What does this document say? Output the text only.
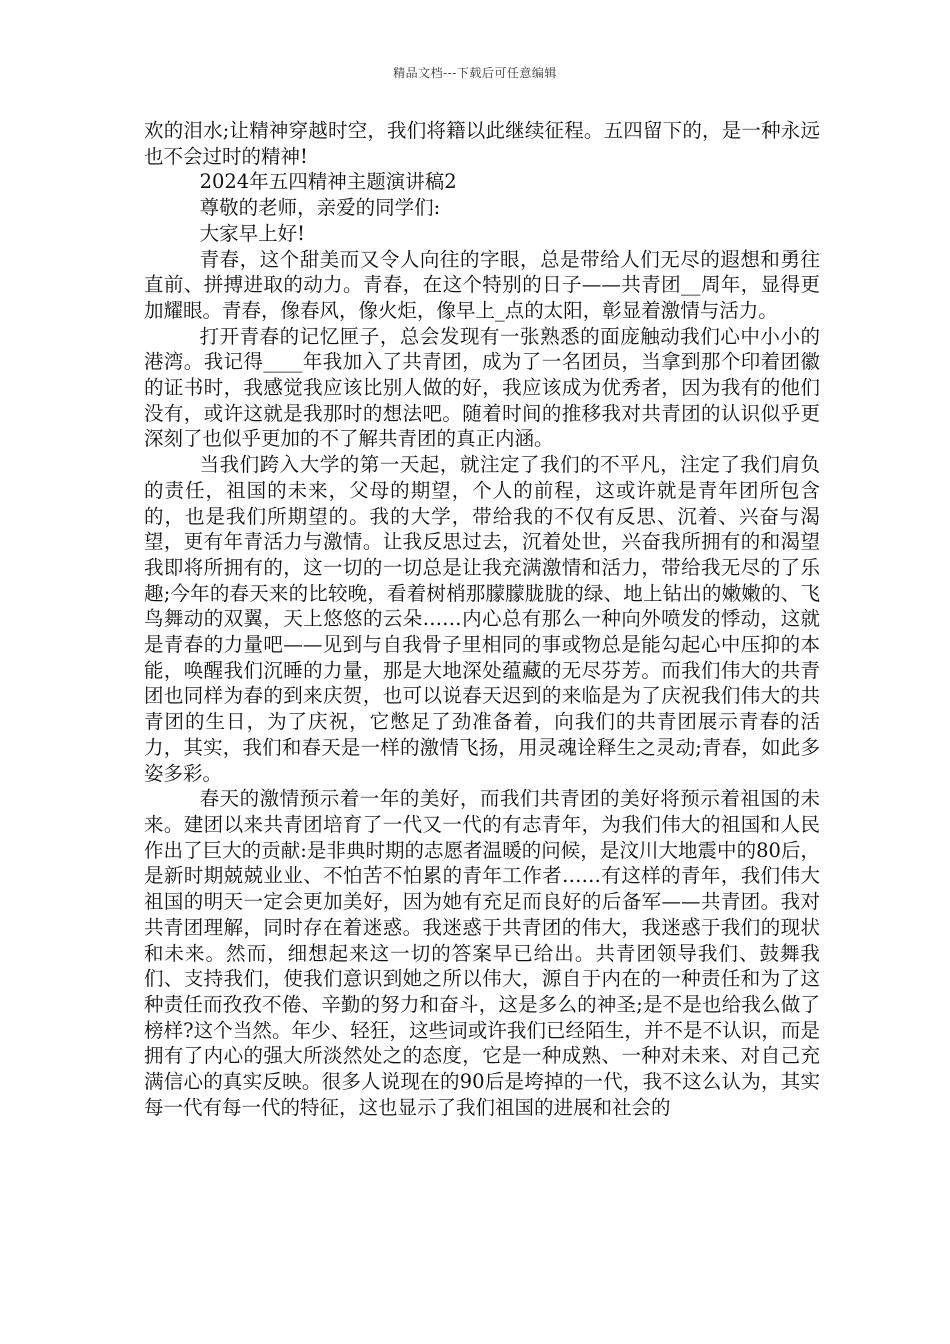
精品文档---下载后可任意编辑

欢的泪水;让精神穿越时空，我们将籍以此继续征程。五四留下的，是一种永远也不会过时的精神!

2024年五四精神主题演讲稿2

尊敬的老师，亲爱的同学们:

大家早上好!

青春，这个甜美而又令人向往的字眼，总是带给人们无尽的遐想和勇往直前、拼搏进取的动力。青春，在这个特别的日子——共青团__周年，显得更加耀眼。青春，像春风，像火炬，像早上_点的太阳，彰显着激情与活力。

打开青春的记忆匣子，总会发现有一张熟悉的面庞触动我们心中小小的港湾。我记得____年我加入了共青团，成为了一名团员，当拿到那个印着团徽的证书时，我感觉我应该比别人做的好，我应该成为优秀者，因为我有的他们没有，或许这就是我那时的想法吧。随着时间的推移我对共青团的认识似乎更深刻了也似乎更加的不了解共青团的真正内涵。

当我们跨入大学的第一天起，就注定了我们的不平凡，注定了我们肩负的责任，祖国的未来，父母的期望，个人的前程，这或许就是青年团所包含的，也是我们所期望的。我的大学，带给我的不仅有反思、沉着、兴奋与渴望，更有年青活力与激情。让我反思过去，沉着处世，兴奋我所拥有的和渴望我即将所拥有的，这一切的一切总是让我充满激情和活力，带给我无尽的了乐趣;今年的春天来的比较晚，看着树梢那朦朦胧胧的绿、地上钻出的嫩嫩的、飞鸟舞动的双翼，天上悠悠的云朵……内心总有那么一种向外喷发的悸动，这就是青春的力量吧——见到与自我骨子里相同的事或物总是能勾起心中压抑的本能，唤醒我们沉睡的力量，那是大地深处蕴藏的无尽芬芳。而我们伟大的共青团也同样为春的到来庆贺，也可以说春天迟到的来临是为了庆祝我们伟大的共青团的生日，为了庆祝，它憋足了劲准备着，向我们的共青团展示青春的活力，其实，我们和春天是一样的激情飞扬，用灵魂诠释生之灵动;青春，如此多姿多彩。

春天的激情预示着一年的美好，而我们共青团的美好将预示着祖国的未来。建团以来共青团培育了一代又一代的有志青年，为我们伟大的祖国和人民作出了巨大的贡献:是非典时期的志愿者温暖的问候，是汶川大地震中的80后，是新时期兢兢业业、不怕苦不怕累的青年工作者……有这样的青年，我们伟大祖国的明天一定会更加美好，因为她有充足而良好的后备军——共青团。我对共青团理解，同时存在着迷惑。我迷惑于共青团的伟大，我迷惑于我们的现状和未来。然而，细想起来这一切的答案早已给出。共青团领导我们、鼓舞我们、支持我们，使我们意识到她之所以伟大，源自于内在的一种责任和为了这种责任而孜孜不倦、辛勤的努力和奋斗，这是多么的神圣;是不是也给我么做了榜样?这个当然。年少、轻狂，这些词或许我们已经陌生，并不是不认识，而是拥有了内心的强大所淡然处之的态度，它是一种成熟、一种对未来、对自己充满信心的真实反映。很多人说现在的90后是垮掉的一代，我不这么认为，其实每一代有每一代的特征，这也显示了我们祖国的进展和社会的
